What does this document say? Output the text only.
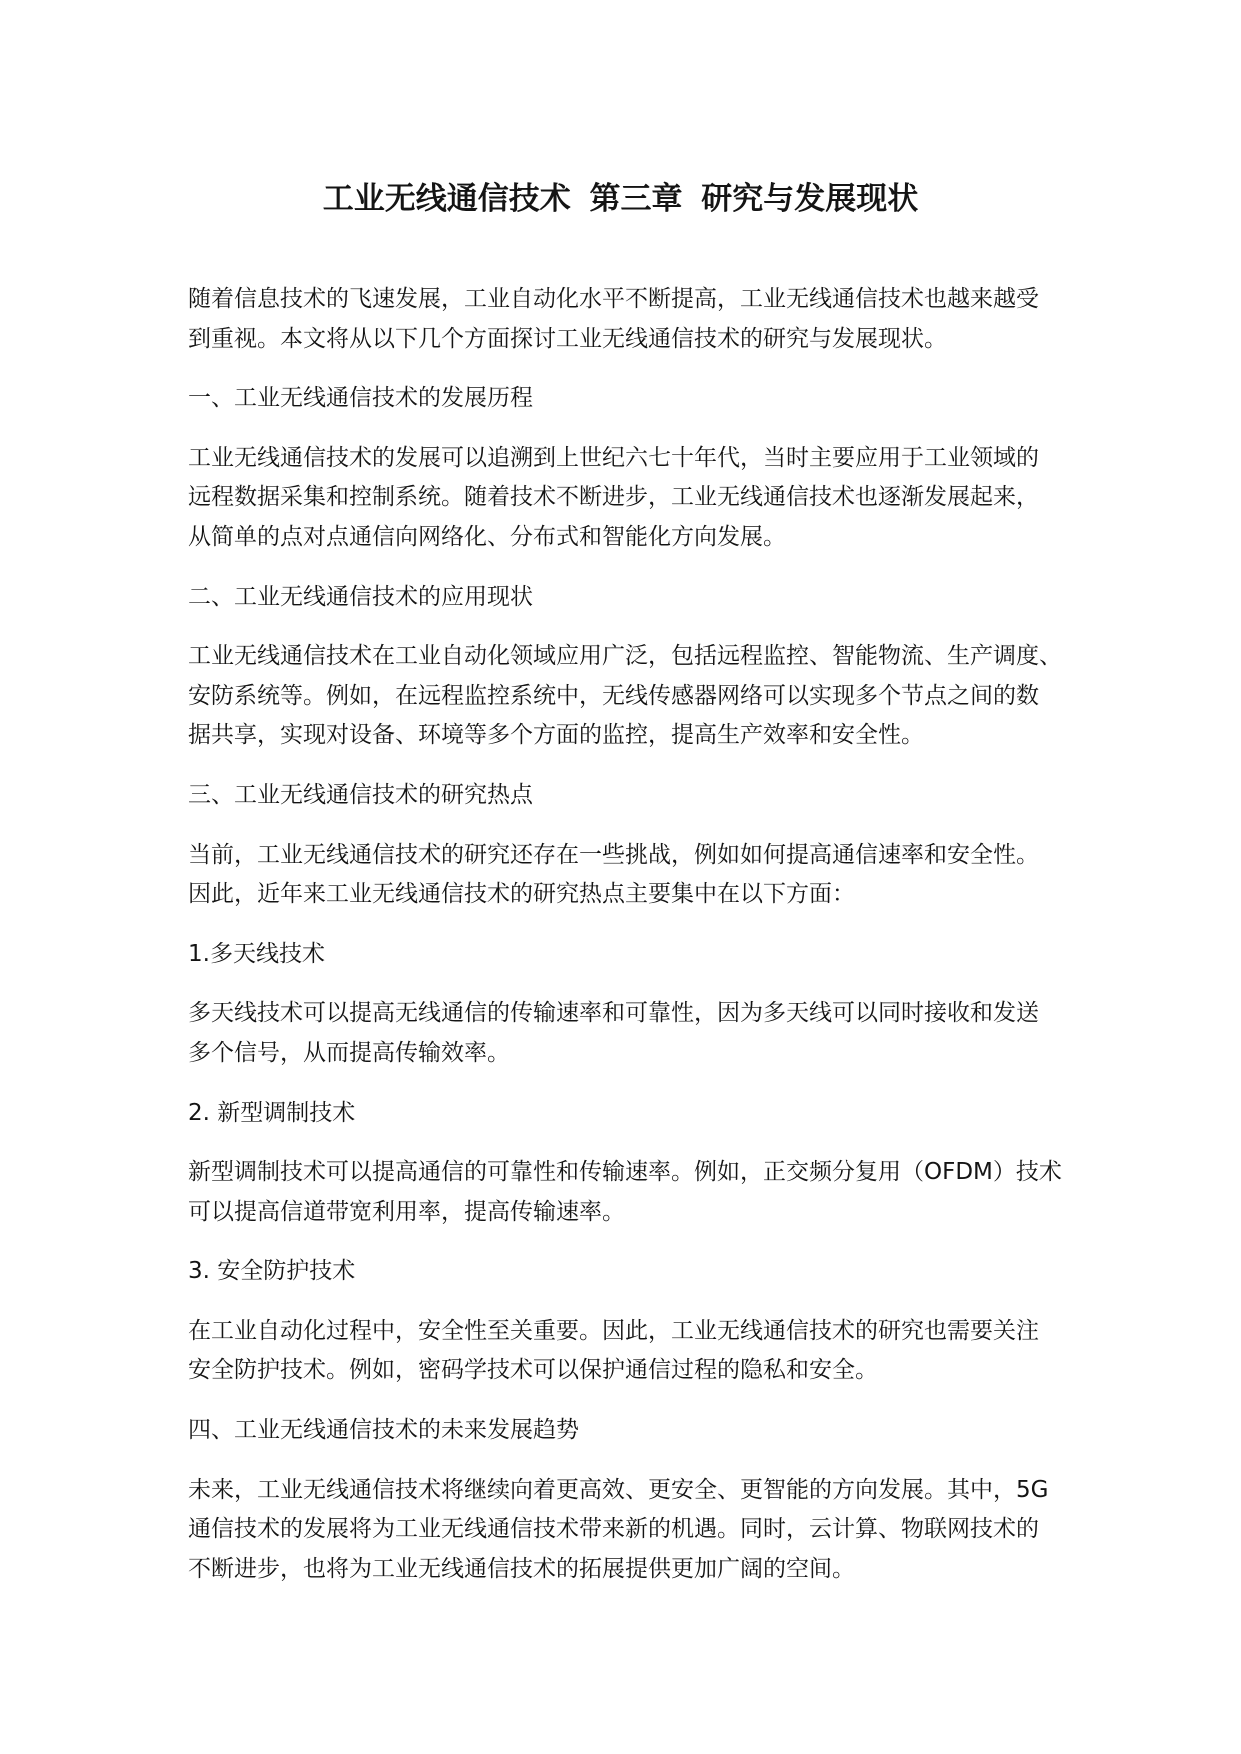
工业无线通信技术 第三章 研究与发展现状
随着信息技术的飞速发展，工业自动化水平不断提高，工业无线通信技术也越来越受
到重视。本文将从以下几个方面探讨工业无线通信技术的研究与发展现状。
一、工业无线通信技术的发展历程
工业无线通信技术的发展可以追溯到上世纪六七十年代，当时主要应用于工业领域的
远程数据采集和控制系统。随着技术不断进步，工业无线通信技术也逐渐发展起来，
从简单的点对点通信向网络化、分布式和智能化方向发展。
二、工业无线通信技术的应用现状
工业无线通信技术在工业自动化领域应用广泛，包括远程监控、智能物流、生产调度、
安防系统等。例如，在远程监控系统中，无线传感器网络可以实现多个节点之间的数
据共享，实现对设备、环境等多个方面的监控，提高生产效率和安全性。
三、工业无线通信技术的研究热点
当前，工业无线通信技术的研究还存在一些挑战，例如如何提高通信速率和安全性。
因此，近年来工业无线通信技术的研究热点主要集中在以下方面：
1.多天线技术
多天线技术可以提高无线通信的传输速率和可靠性，因为多天线可以同时接收和发送
多个信号，从而提高传输效率。
2. 新型调制技术
新型调制技术可以提高通信的可靠性和传输速率。例如，正交频分复用（OFDM）技术
可以提高信道带宽利用率，提高传输速率。
3. 安全防护技术
在工业自动化过程中，安全性至关重要。因此，工业无线通信技术的研究也需要关注
安全防护技术。例如，密码学技术可以保护通信过程的隐私和安全。
四、工业无线通信技术的未来发展趋势
未来，工业无线通信技术将继续向着更高效、更安全、更智能的方向发展。其中，5G
通信技术的发展将为工业无线通信技术带来新的机遇。同时，云计算、物联网技术的
不断进步，也将为工业无线通信技术的拓展提供更加广阔的空间。
